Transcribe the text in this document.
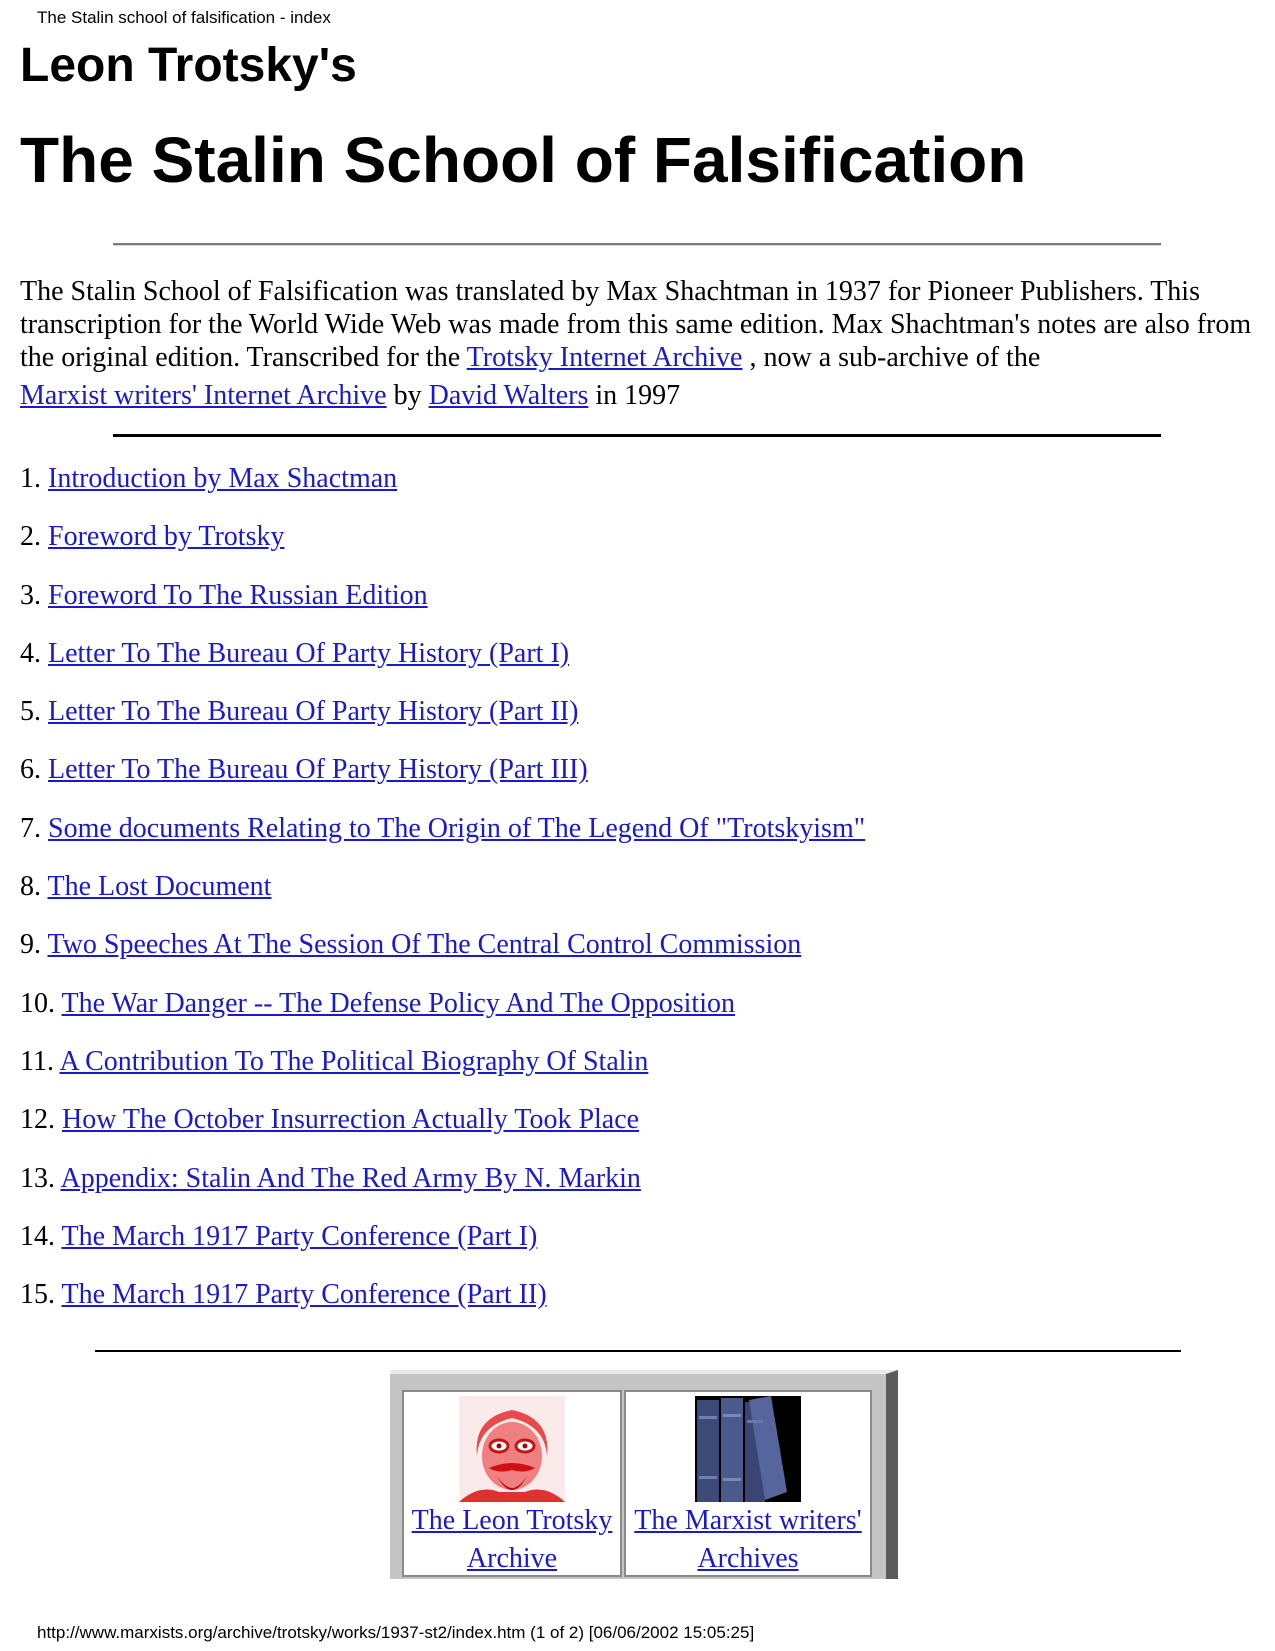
The Stalin school of falsification - index
Leon Trotsky's
The Stalin School of Falsification
The Stalin School of Falsification was translated by Max Shachtman in 1937 for Pioneer Publishers. This transcription for the World Wide Web was made from this same edition. Max Shachtman's notes are also from the original edition. Transcribed for the Trotsky Internet Archive , now a sub-archive of the Marxist writers' Internet Archive by David Walters in 1997
1. Introduction by Max Shactman
2. Foreword by Trotsky
3. Foreword To The Russian Edition
4. Letter To The Bureau Of Party History (Part I)
5. Letter To The Bureau Of Party History (Part II)
6. Letter To The Bureau Of Party History (Part III)
7. Some documents Relating to The Origin of The Legend Of "Trotskyism"
8. The Lost Document
9. Two Speeches At The Session Of The Central Control Commission
10. The War Danger -- The Defense Policy And The Opposition
11. A Contribution To The Political Biography Of Stalin
12. How The October Insurrection Actually Took Place
13. Appendix: Stalin And The Red Army By N. Markin
14. The March 1917 Party Conference (Part I)
15. The March 1917 Party Conference (Part II)
The Leon Trotsky
Archive
The Marxist writers'
Archives
http://www.marxists.org/archive/trotsky/works/1937-st2/index.htm (1 of 2) [06/06/2002 15:05:25]
